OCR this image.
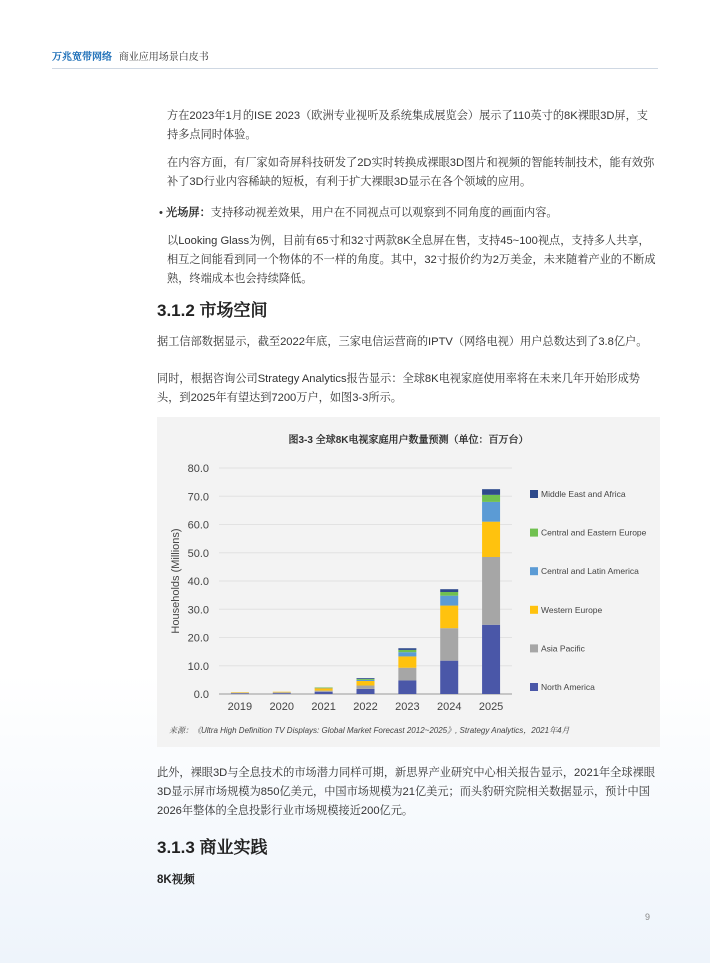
万兆宽带网络 商业应用场景白皮书

方在2023年1月的ISE 2023（欧洲专业视听及系统集成展览会）展示了110英寸的8K裸眼3D屏，支持多点同时体验。

在内容方面，有厂家如奇屏科技研发了2D实时转换成裸眼3D图片和视频的智能转制技术，能有效弥补了3D行业内容稀缺的短板，有利于扩大裸眼3D显示在各个领域的应用。

• 光场屏：支持移动视差效果，用户在不同视点可以观察到不同角度的画面内容。

以Looking Glass为例，目前有65寸和32寸两款8K全息屏在售，支持45~100视点，支持多人共享，相互之间能看到同一个物体的不一样的角度。其中，32寸报价约为2万美金，未来随着产业的不断成熟，终端成本也会持续降低。

3.1.2 市场空间

据工信部数据显示，截至2022年底，三家电信运营商的IPTV（网络电视）用户总数达到了3.8亿户。

同时，根据咨询公司Strategy Analytics报告显示：全球8K电视家庭使用率将在未来几年开始形成势头，到2025年有望达到7200万户，如图3-3所示。

图3-3 全球8K电视家庭用户数量预测（单位：百万台）
0.0
10.0
20.0
30.0
40.0
50.0
60.0
70.0
80.0
Households (Millions)
2019 2020 2021 2022 2023 2024 2025
Middle East and Africa
Central and Eastern Europe
Central and Latin America
Western Europe
Asia Pacific
North America
来源：《Ultra High Definition TV Displays: Global Market Forecast 2012~2025》, Strategy Analytics，2021年4月

此外，裸眼3D与全息技术的市场潜力同样可期，新思界产业研究中心相关报告显示，2021年全球裸眼3D显示屏市场规模为850亿美元，中国市场规模为21亿美元；而头豹研究院相关数据显示，预计中国2026年整体的全息投影行业市场规模接近200亿元。

3.1.3 商业实践
8K视频
9
